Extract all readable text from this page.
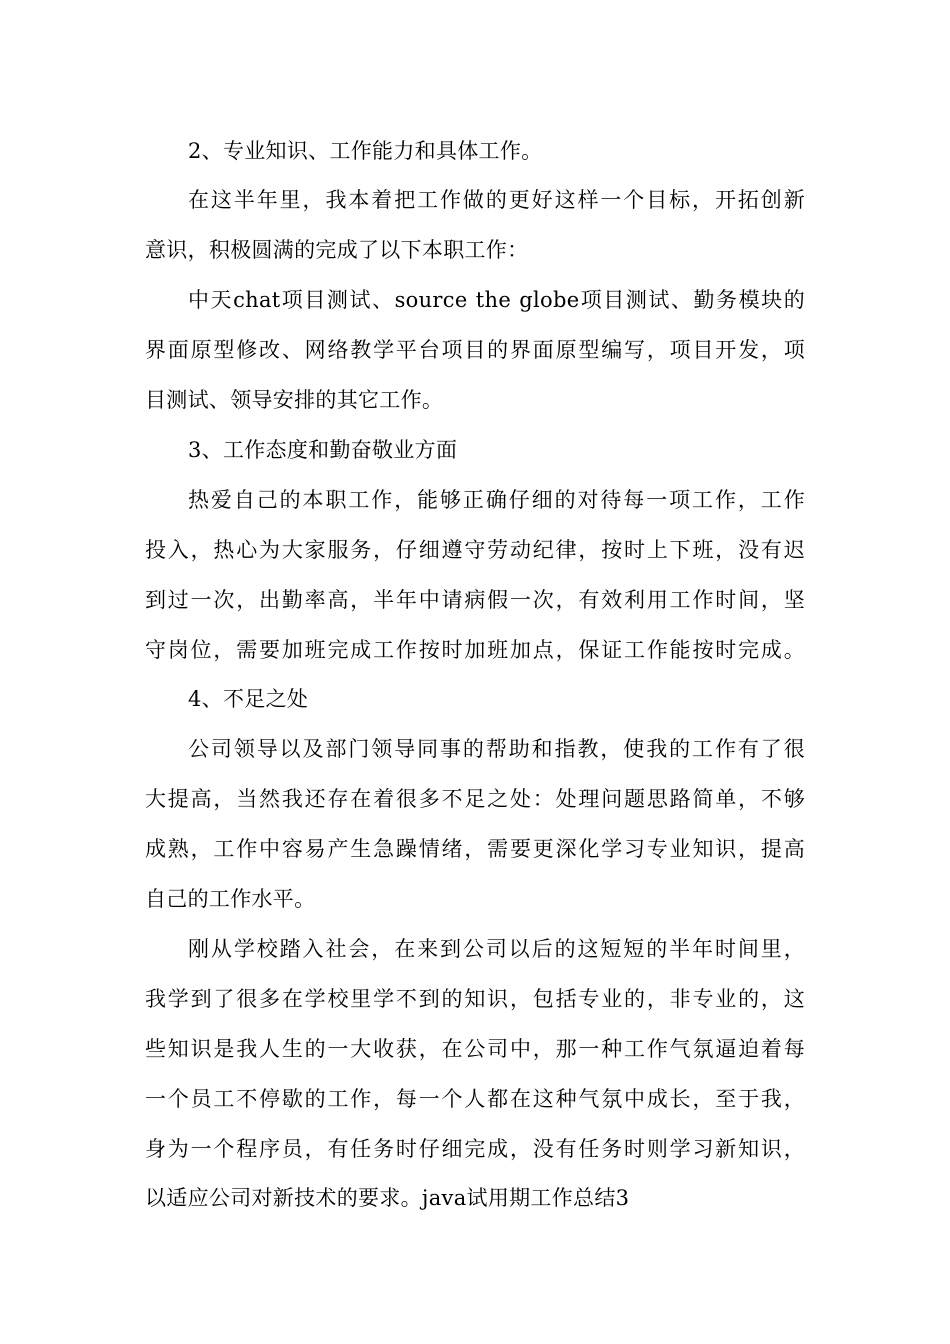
2、专业知识、工作能力和具体工作。
在这半年里，我本着把工作做的更好这样一个目标，开拓创新
意识，积极圆满的完成了以下本职工作：
中天chat项目测试、source the globe项目测试、勤务模块的
界面原型修改、网络教学平台项目的界面原型编写，项目开发，项
目测试、领导安排的其它工作。
3、工作态度和勤奋敬业方面
热爱自己的本职工作，能够正确仔细的对待每一项工作，工作
投入，热心为大家服务，仔细遵守劳动纪律，按时上下班，没有迟
到过一次，出勤率高，半年中请病假一次，有效利用工作时间，坚
守岗位，需要加班完成工作按时加班加点，保证工作能按时完成。
4、不足之处
公司领导以及部门领导同事的帮助和指教，使我的工作有了很
大提高，当然我还存在着很多不足之处：处理问题思路简单，不够
成熟，工作中容易产生急躁情绪，需要更深化学习专业知识，提高
自己的工作水平。
刚从学校踏入社会，在来到公司以后的这短短的半年时间里，
我学到了很多在学校里学不到的知识，包括专业的，非专业的，这
些知识是我人生的一大收获，在公司中，那一种工作气氛逼迫着每
一个员工不停歇的工作，每一个人都在这种气氛中成长，至于我，
身为一个程序员，有任务时仔细完成，没有任务时则学习新知识，
以适应公司对新技术的要求。java试用期工作总结3
